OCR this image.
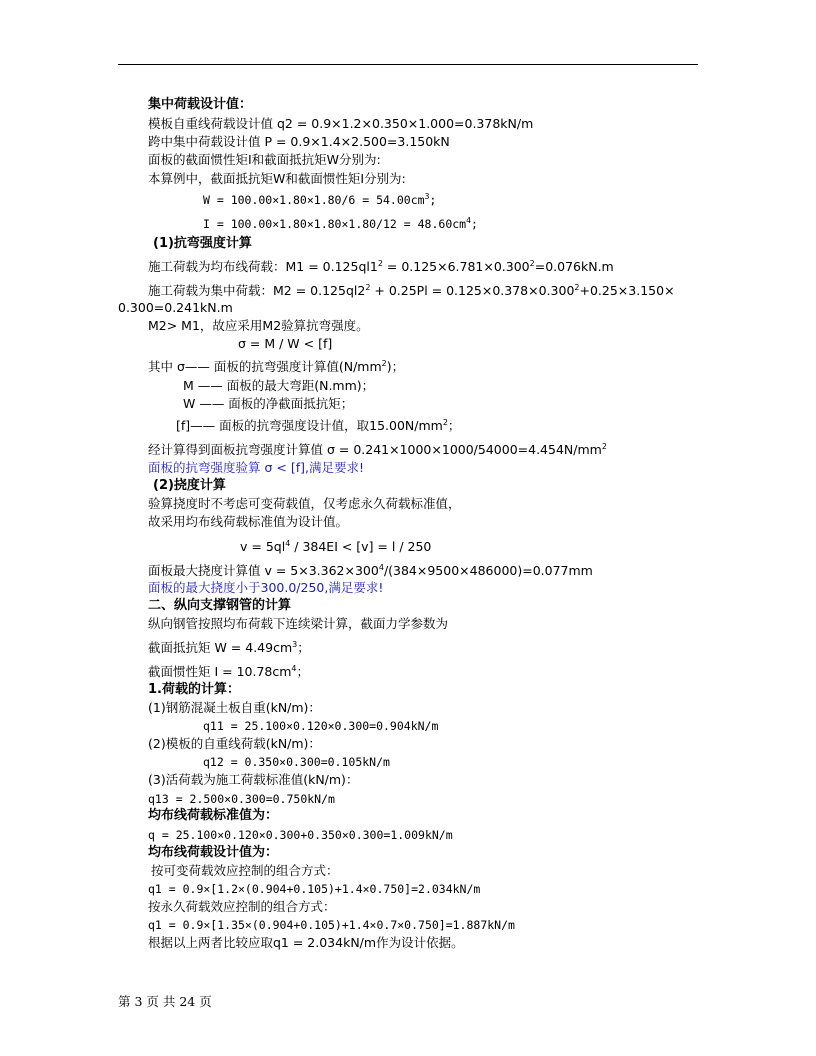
集中荷载设计值：
模板自重线荷载设计值 q2 = 0.9×1.2×0.350×1.000=0.378kN/m
跨中集中荷载设计值 P = 0.9×1.4×2.500=3.150kN
面板的截面惯性矩I和截面抵抗矩W分别为:
本算例中，截面抵抗矩W和截面惯性矩I分别为:
$W = 100.00\times 1.80\times 1.80/6 = 54.00cm^3$;
$I = 100.00\times 1.80\times 1.80\times 1.80/12 = 48.60cm^4$;
(1)抗弯强度计算
施工荷载为均布线荷载：$M1 = 0.125ql1^2 = 0.125\times 6.781\times 0.300^2=0.076kN.m$
施工荷载为集中荷载：$M2 = 0.125ql2^2 + 0.25Pl = 0.125\times 0.378\times 0.300^2+0.25\times 3.150\times$
0.300=0.241kN.m
M2> M1，故应采用M2验算抗弯强度。
σ = M / W < [f]
其中 σ—— 面板的抗弯强度计算值$(N/mm^2)$；
M —— 面板的最大弯距(N.mm)；
W —— 面板的净截面抵抗矩；
[f]—— 面板的抗弯强度设计值，取$15.00N/mm^2$；
经计算得到面板抗弯强度计算值 $\sigma = 0.241\times 1000\times 1000/54000=4.454N/mm^2$
面板的抗弯强度验算 σ < [f],满足要求!
(2)挠度计算
验算挠度时不考虑可变荷载值，仅考虑永久荷载标准值，
故采用均布线荷载标准值为设计值。
$v = 5ql^4 / 384EI < [v] = l / 250$
面板最大挠度计算值 $v = 5\times 3.362\times 300^4/(384\times 9500\times 486000)=0.077mm$
面板的最大挠度小于300.0/250,满足要求!
二、纵向支撑钢管的计算
纵向钢管按照均布荷载下连续梁计算，截面力学参数为
截面抵抗矩 $W = 4.49cm^3$；
截面惯性矩 $I = 10.78cm^4$；
1.荷载的计算：
(1)钢筋混凝土板自重(kN/m)：
q11 = 25.100×0.120×0.300=0.904kN/m
(2)模板的自重线荷载(kN/m)：
q12 = 0.350×0.300=0.105kN/m
(3)活荷载为施工荷载标准值(kN/m)：
q13 = 2.500×0.300=0.750kN/m
均布线荷载标准值为：
q = 25.100×0.120×0.300+0.350×0.300=1.009kN/m
均布线荷载设计值为：
按可变荷载效应控制的组合方式：
q1 = 0.9×[1.2×(0.904+0.105)+1.4×0.750]=2.034kN/m
按永久荷载效应控制的组合方式：
q1 = 0.9×[1.35×(0.904+0.105)+1.4×0.7×0.750]=1.887kN/m
根据以上两者比较应取q1 = 2.034kN/m作为设计依据。
第 3 页 共 24 页
